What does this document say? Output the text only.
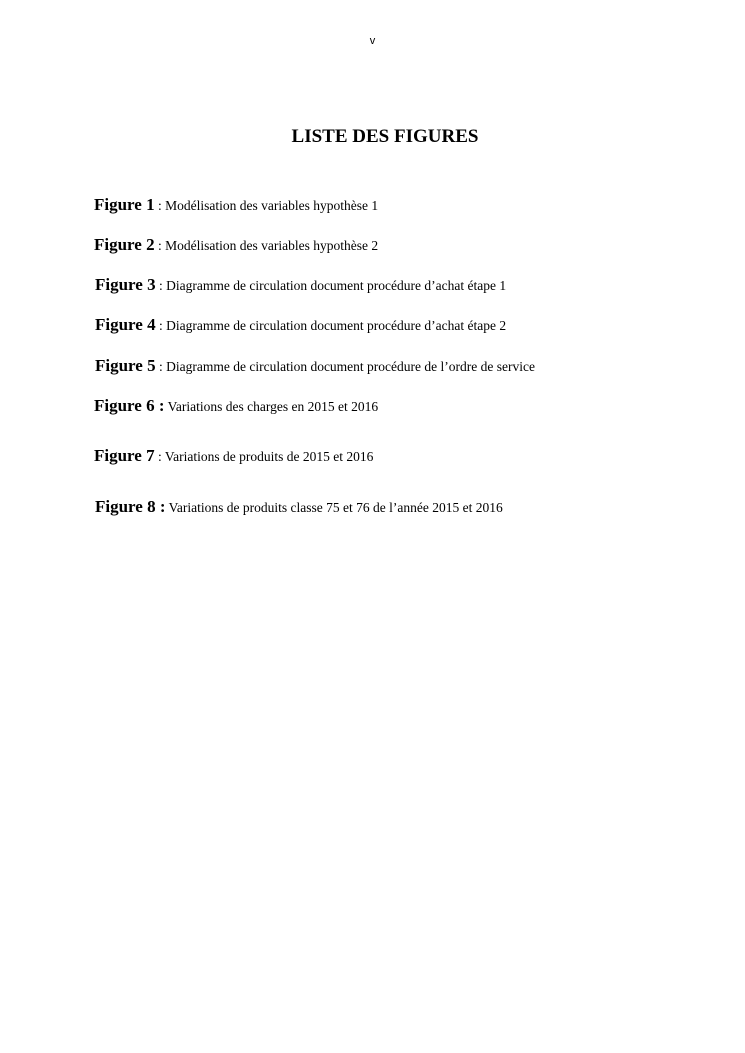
v
LISTE DES FIGURES
Figure 1 : Modélisation des variables hypothèse 1
Figure 2 : Modélisation des variables hypothèse 2
Figure 3 : Diagramme de circulation document procédure d’achat étape 1
Figure 4 : Diagramme de circulation document procédure d’achat étape 2
Figure 5 : Diagramme de circulation document procédure de l’ordre de service
Figure 6 : Variations des charges en 2015 et 2016
Figure 7 : Variations de produits de 2015 et 2016
Figure 8 : Variations de produits classe 75 et 76 de l’année 2015 et 2016
